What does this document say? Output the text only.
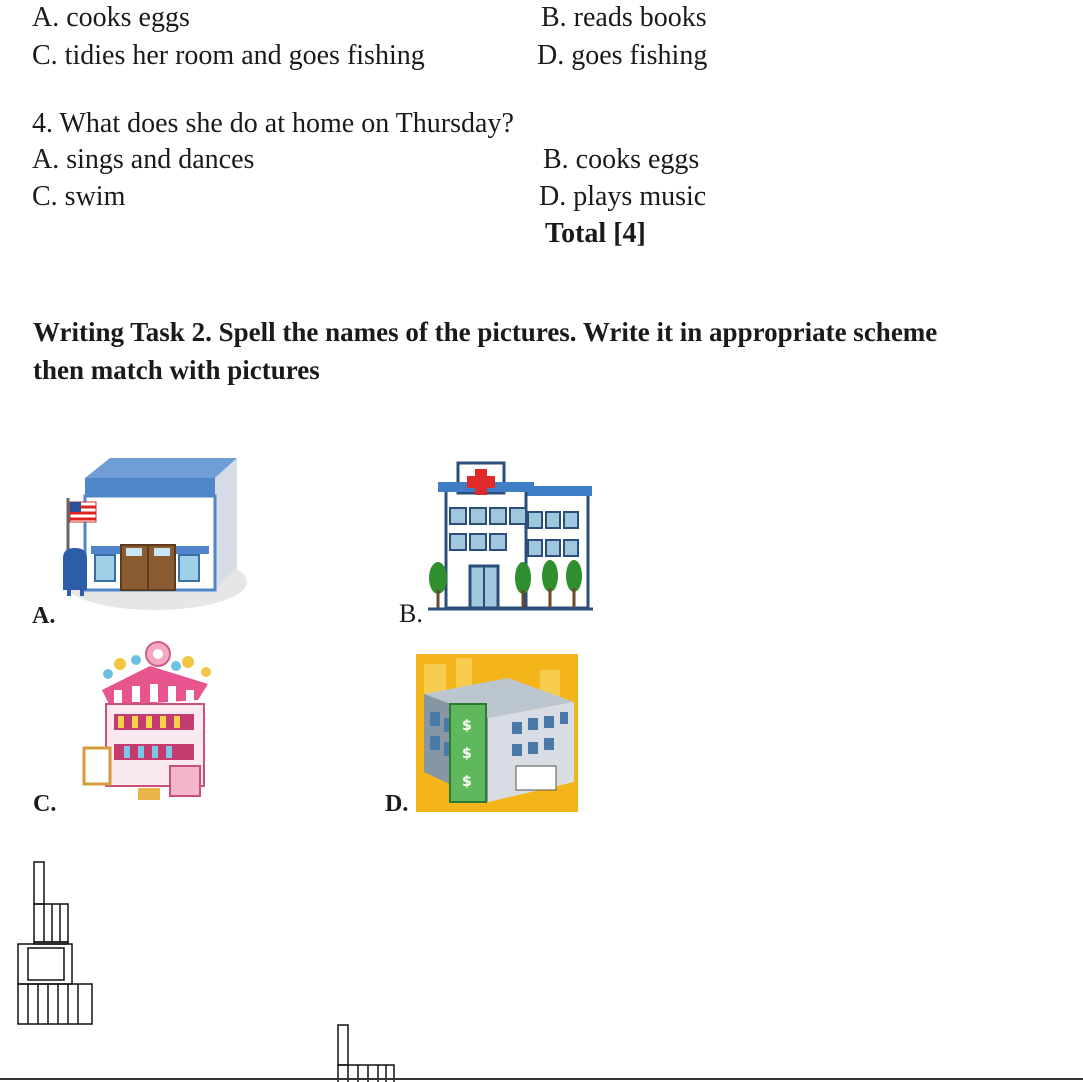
A. cooks eggs	B. reads books
C. tidies her room and goes fishing	D. goes fishing
4. What does she do at home on Thursday?
A. sings and dances	B. cooks eggs
C. swim	D. plays music
Total [4]
Writing Task 2. Spell the names of the pictures. Write it in appropriate scheme
then match with pictures
A.	B.
C.
$
$
$
D.
